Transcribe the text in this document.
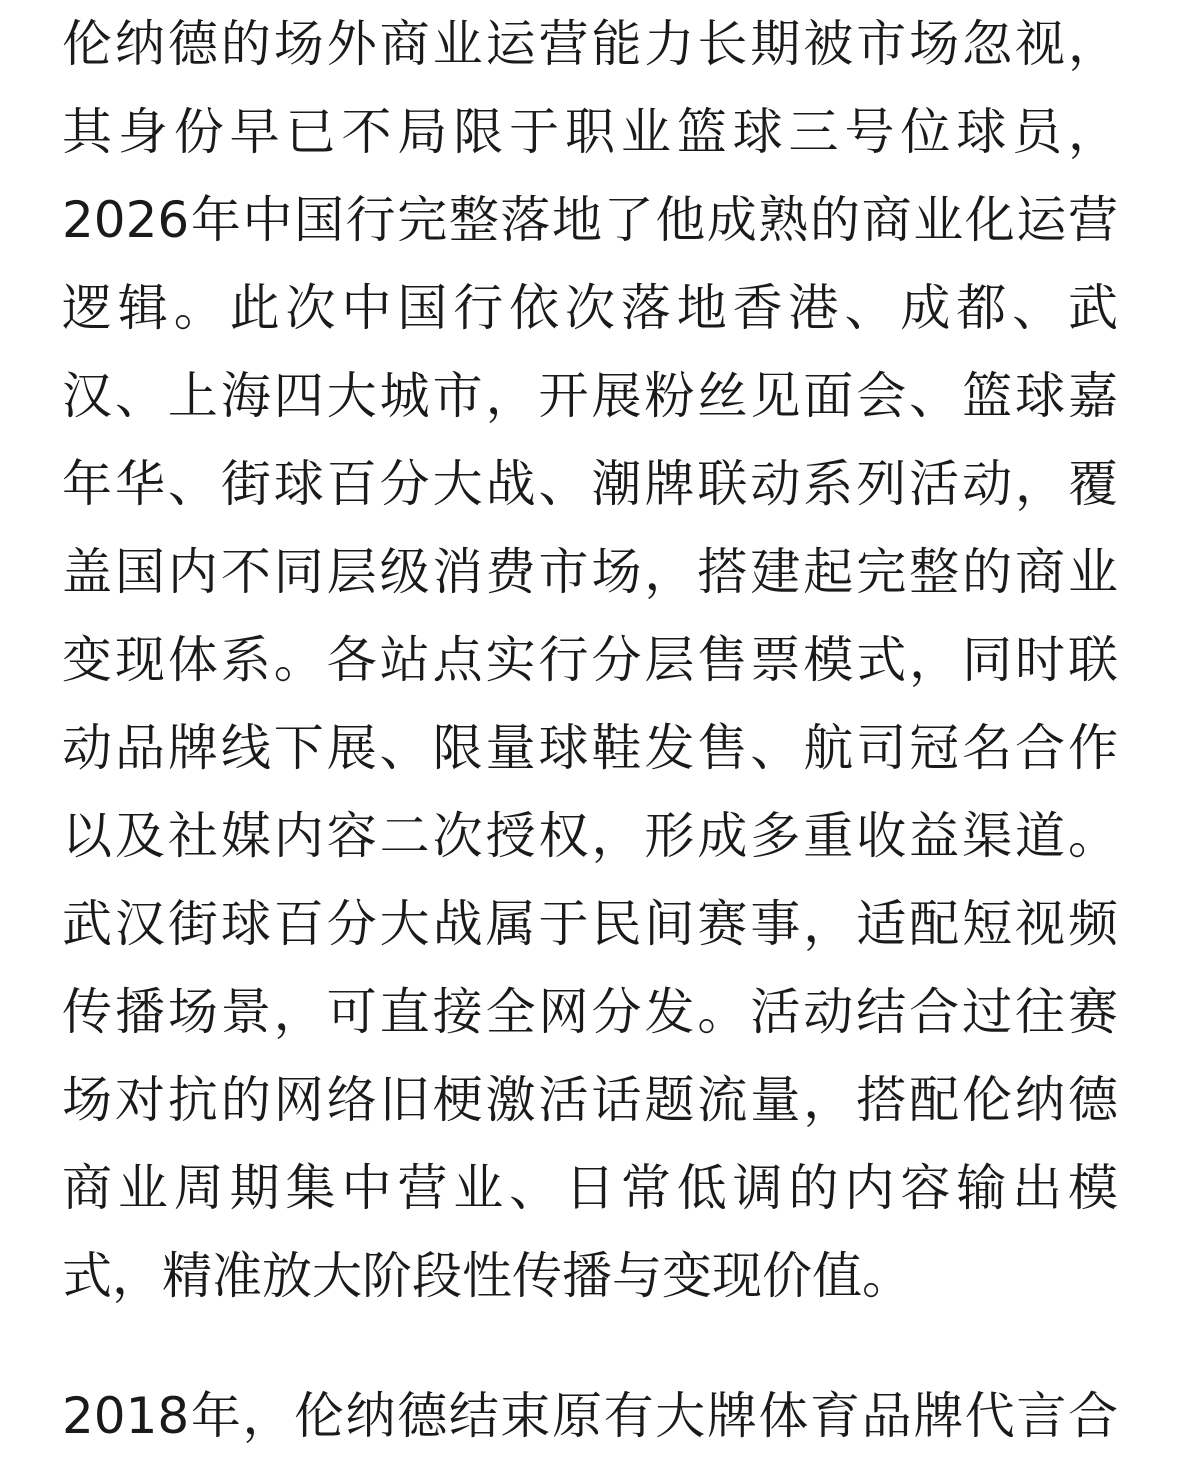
伦纳德的场外商业运营能力长期被市场忽视，
其身份早已不局限于职业篮球三号位球员，
2026年中国行完整落地了他成熟的商业化运营
逻辑。此次中国行依次落地香港、成都、武
汉、上海四大城市，开展粉丝见面会、篮球嘉
年华、街球百分大战、潮牌联动系列活动，覆
盖国内不同层级消费市场，搭建起完整的商业
变现体系。各站点实行分层售票模式，同时联
动品牌线下展、限量球鞋发售、航司冠名合作
以及社媒内容二次授权，形成多重收益渠道。
武汉街球百分大战属于民间赛事，适配短视频
传播场景，可直接全网分发。活动结合过往赛
场对抗的网络旧梗激活话题流量，搭配伦纳德
商业周期集中营业、日常低调的内容输出模
式，精准放大阶段性传播与变现价值。
2018年，伦纳德结束原有大牌体育品牌代言合
